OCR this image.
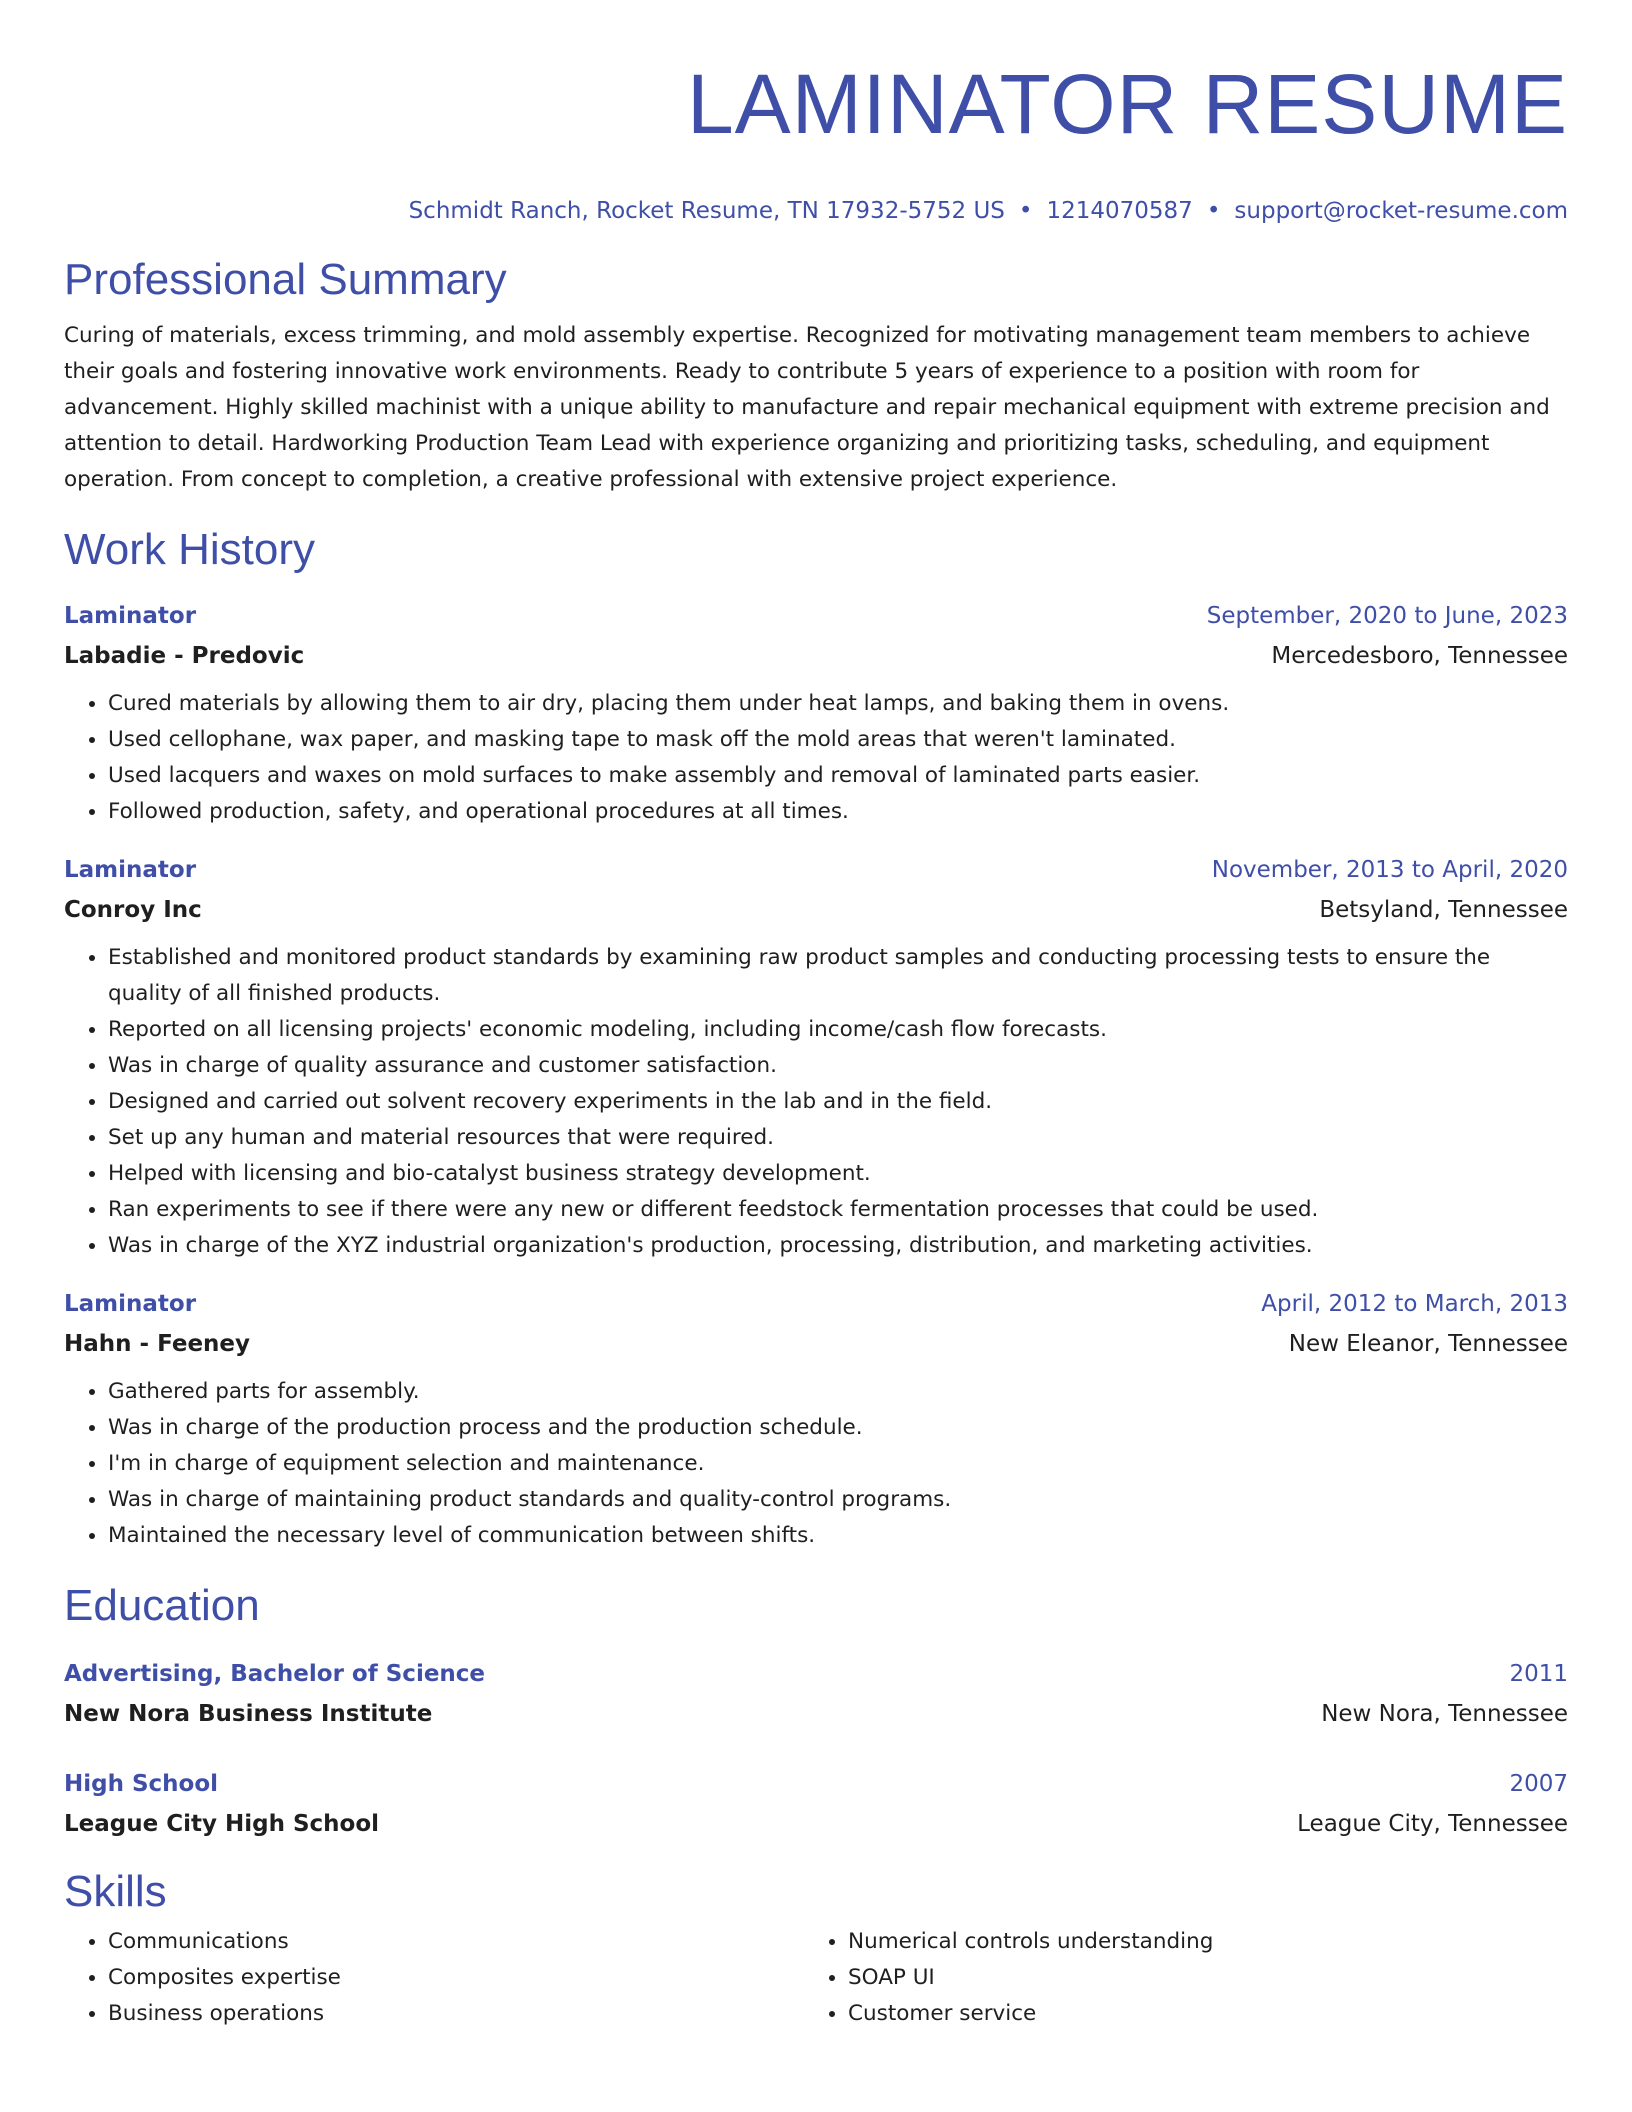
LAMINATOR RESUME
Schmidt Ranch, Rocket Resume, TN 17932-5752 US • 1214070587 • support@rocket-resume.com
Professional Summary
Curing of materials, excess trimming, and mold assembly expertise. Recognized for motivating management team members to achieve their goals and fostering innovative work environments. Ready to contribute 5 years of experience to a position with room for advancement. Highly skilled machinist with a unique ability to manufacture and repair mechanical equipment with extreme precision and attention to detail. Hardworking Production Team Lead with experience organizing and prioritizing tasks, scheduling, and equipment operation. From concept to completion, a creative professional with extensive project experience.
Work History
Laminator	September, 2020 to June, 2023
Labadie - Predovic	Mercedesboro, Tennessee
• Cured materials by allowing them to air dry, placing them under heat lamps, and baking them in ovens.
• Used cellophane, wax paper, and masking tape to mask off the mold areas that weren't laminated.
• Used lacquers and waxes on mold surfaces to make assembly and removal of laminated parts easier.
• Followed production, safety, and operational procedures at all times.
Laminator	November, 2013 to April, 2020
Conroy Inc	Betsyland, Tennessee
• Established and monitored product standards by examining raw product samples and conducting processing tests to ensure the quality of all finished products.
• Reported on all licensing projects' economic modeling, including income/cash flow forecasts.
• Was in charge of quality assurance and customer satisfaction.
• Designed and carried out solvent recovery experiments in the lab and in the field.
• Set up any human and material resources that were required.
• Helped with licensing and bio-catalyst business strategy development.
• Ran experiments to see if there were any new or different feedstock fermentation processes that could be used.
• Was in charge of the XYZ industrial organization's production, processing, distribution, and marketing activities.
Laminator	April, 2012 to March, 2013
Hahn - Feeney	New Eleanor, Tennessee
• Gathered parts for assembly.
• Was in charge of the production process and the production schedule.
• I'm in charge of equipment selection and maintenance.
• Was in charge of maintaining product standards and quality-control programs.
• Maintained the necessary level of communication between shifts.
Education
Advertising, Bachelor of Science	2011
New Nora Business Institute	New Nora, Tennessee
High School	2007
League City High School	League City, Tennessee
Skills
• Communications
• Composites expertise
• Business operations
• Numerical controls understanding
• SOAP UI
• Customer service
